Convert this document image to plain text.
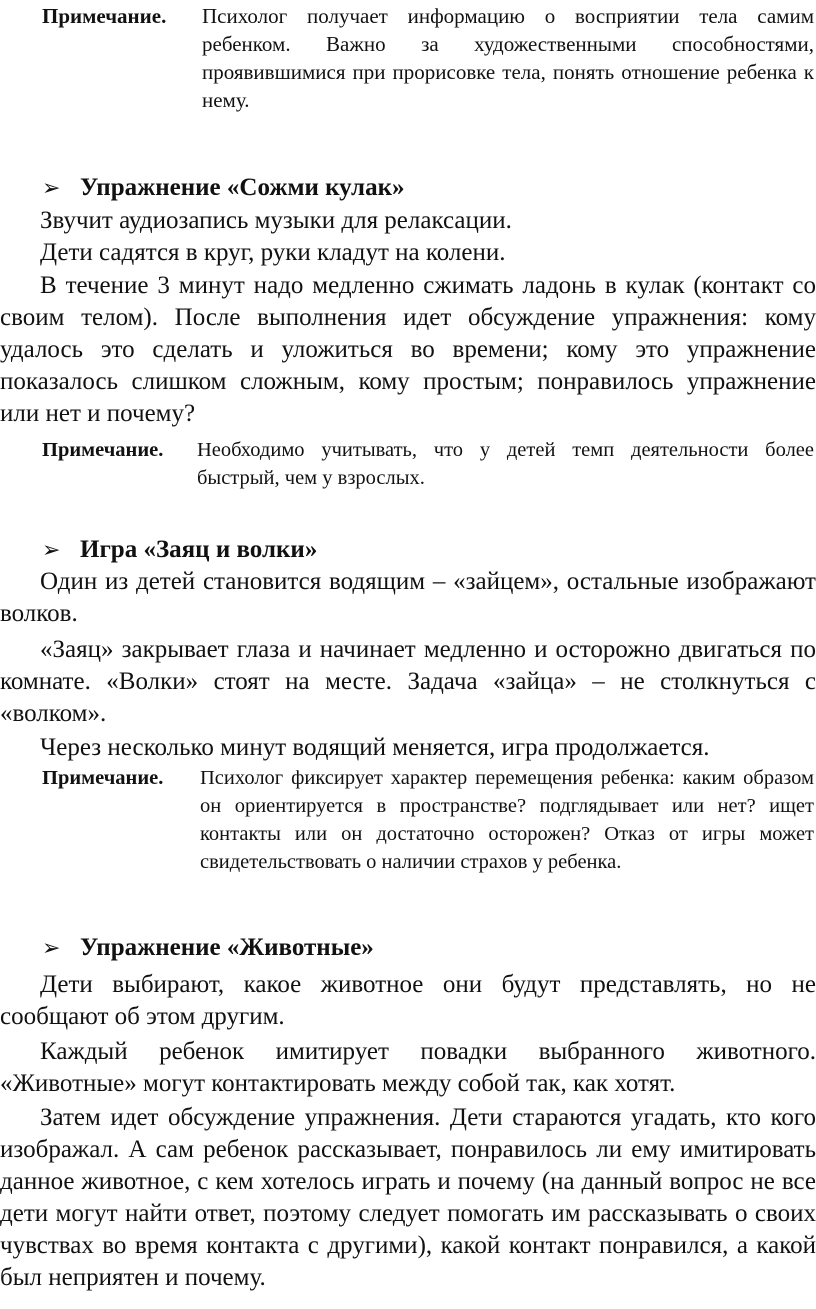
Примечание.	Психолог получает информацию о восприятии тела самим ребенком. Важно за художественными способностями, проявившимися при прорисовке тела, понять отношение ребенка к нему.
➢ Упражнение «Сожми кулак»
Звучит аудиозапись музыки для релаксации.
Дети садятся в круг, руки кладут на колени.
В течение 3 минут надо медленно сжимать ладонь в кулак (контакт со своим телом). После выполнения идет обсуждение упражнения: кому удалось это сделать и уложиться во времени; кому это упражнение показалось слишком сложным, кому простым; понравилось упражнение или нет и почему?
Примечание.	Необходимо учитывать, что у детей темп деятельности более быстрый, чем у взрослых.
➢ Игра «Заяц и волки»
Один из детей становится водящим – «зайцем», остальные изображают волков.
«Заяц» закрывает глаза и начинает медленно и осторожно двигаться по комнате. «Волки» стоят на месте. Задача «зайца» – не столкнуться с «волком».
Через несколько минут водящий меняется, игра продолжается.
Примечание.	Психолог фиксирует характер перемещения ребенка: каким образом он ориентируется в пространстве? подглядывает или нет? ищет контакты или он достаточно осторожен? Отказ от игры может свидетельствовать о наличии страхов у ребенка.
➢ Упражнение «Животные»
Дети выбирают, какое животное они будут представлять, но не сообщают об этом другим.
Каждый ребенок имитирует повадки выбранного животного. «Животные» могут контактировать между собой так, как хотят.
Затем идет обсуждение упражнения. Дети стараются угадать, кто кого изображал. А сам ребенок рассказывает, понравилось ли ему имитировать данное животное, с кем хотелось играть и почему (на данный вопрос не все дети могут найти ответ, поэтому следует помогать им рассказывать о своих чувствах во время контакта с другими), какой контакт понравился, а какой был неприятен и почему.
